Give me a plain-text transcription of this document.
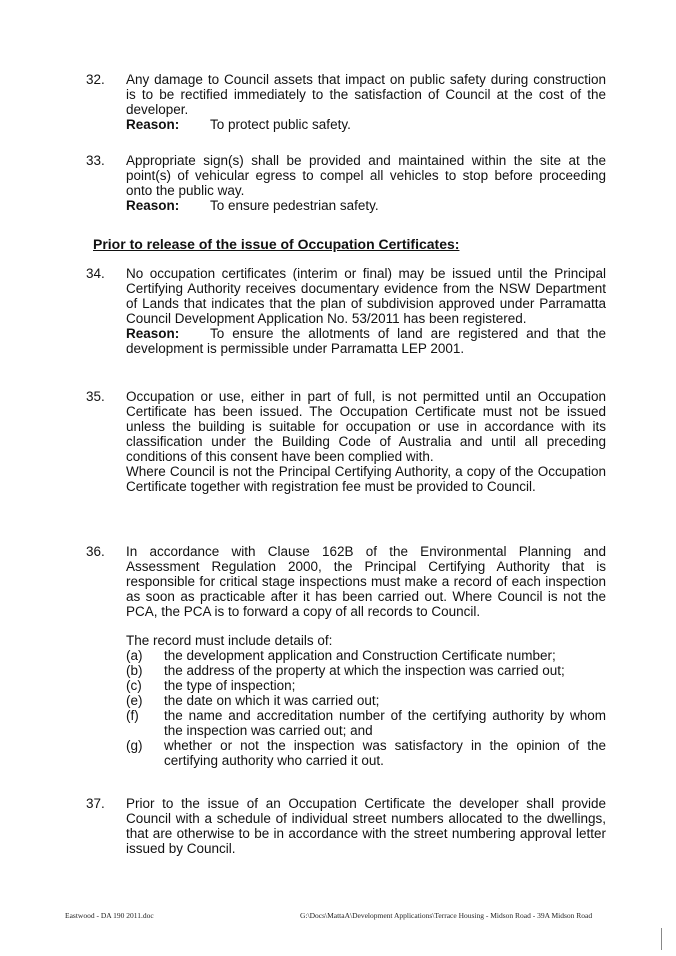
32. Any damage to Council assets that impact on public safety during construction is to be rectified immediately to the satisfaction of Council at the cost of the developer.

Reason: To protect public safety.

33. Appropriate sign(s) shall be provided and maintained within the site at the point(s) of vehicular egress to compel all vehicles to stop before proceeding onto the public way.

Reason: To ensure pedestrian safety.

Prior to release of the issue of Occupation Certificates:
34. No occupation certificates (interim or final) may be issued until the Principal Certifying Authority receives documentary evidence from the NSW Department of Lands that indicates that the plan of subdivision approved under Parramatta Council Development Application No. 53/2011 has been registered.

Reason: To ensure the allotments of land are registered and that the development is permissible under Parramatta LEP 2001.

35. Occupation or use, either in part of full, is not permitted until an Occupation Certificate has been issued. The Occupation Certificate must not be issued unless the building is suitable for occupation or use in accordance with its classification under the Building Code of Australia and until all preceding conditions of this consent have been complied with.

Where Council is not the Principal Certifying Authority, a copy of the Occupation Certificate together with registration fee must be provided to Council.

36. In accordance with Clause 162B of the Environmental Planning and Assessment Regulation 2000, the Principal Certifying Authority that is responsible for critical stage inspections must make a record of each inspection as soon as practicable after it has been carried out. Where Council is not the PCA, the PCA is to forward a copy of all records to Council.

The record must include details of:

(a) the development application and Construction Certificate number;

(b) the address of the property at which the inspection was carried out;

(c) the type of inspection;

(e) the date on which it was carried out;

(f) the name and accreditation number of the certifying authority by whom the inspection was carried out; and

(g) whether or not the inspection was satisfactory in the opinion of the certifying authority who carried it out.

37. Prior to the issue of an Occupation Certificate the developer shall provide Council with a schedule of individual street numbers allocated to the dwellings, that are otherwise to be in accordance with the street numbering approval letter issued by Council.

Eastwood - DA 190 2011.doc	G:\Docs\MattaA\Development Applications\Terrace Housing - Midson Road - 39A Midson Road
